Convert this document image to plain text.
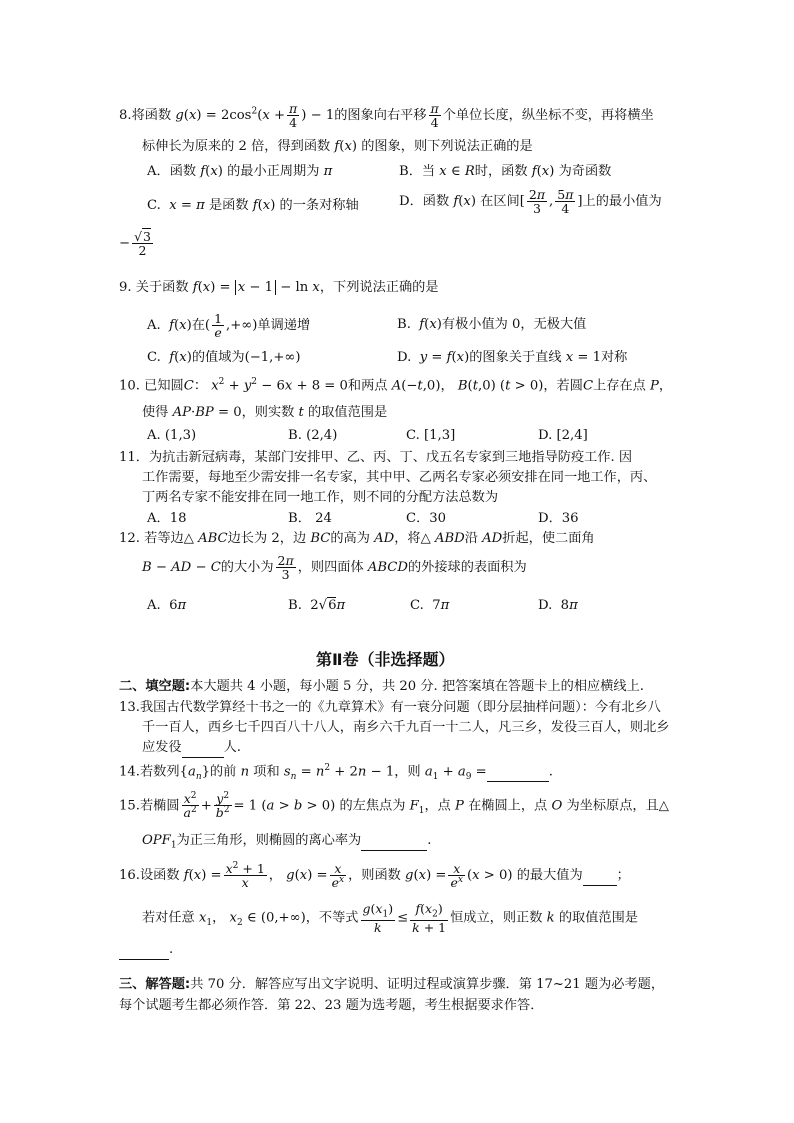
8.将函数 $g(x) = 2\cos^2(x + \frac{\pi}{4}$ ) − 1的图象向右平移 $\frac{\pi}{4}$ 个单位长度，纵坐标不变，再将横坐
标伸长为原来的 2 倍，得到函数 f(x) 的图象，则下列说法正确的是
A．函数 f(x) 的最小正周期为 π	B．当 x ∈ R时，函数 f(x) 为奇函数
C.  x = π 是函数 f(x) 的一条对称轴	D．函数 f(x) 在区间[ $\frac{2\pi}{3}$ , $\frac{5\pi}{4}$ ]上的最小值为
− $\frac{√3}{2}$
9. 关于函数 f(x) = x − 1 − ln x，下列说法正确的是
A.  f(x)在( $\frac{1}{e}$ ,+∞)单调递增	B.  f(x)有极小值为 0，无极大值
C.  f(x)的值域为(−1,+∞)	D.  y = f(x)的图象关于直线 x = 1对称
10. 已知圆C： $x^2 + y^2 - 6x + 8 = 0$和两点 A(−t,0)， B(t,0) (t > 0)，若圆C上存在点 P，
使得 AP·BP = 0，则实数 t 的取值范围是
A. (1,3)	B. (2,4)	C. [1,3]	D. [2,4]
11．为抗击新冠病毒，某部门安排甲、乙、丙、丁、戊五名专家到三地指导防疫工作. 因
工作需要，每地至少需安排一名专家，其中甲、乙两名专家必须安排在同一地工作，丙、
丁两名专家不能安排在同一地工作，则不同的分配方法总数为
A．18	B． 24	C．30	D．36
12. 若等边△ ABC边长为 2，边 BC的高为 AD，将△ ABD沿 AD折起，使二面角
B − AD − C的大小为 $\frac{2\pi}{3}$ ，则四面体 ABCD的外接球的表面积为
A.  6π	B.  2√6π	C.  7π	D.  8π
第Ⅱ卷（非选择题）
二、填空题:本大题共 4 小题，每小题 5 分，共 20 分. 把答案填在答题卡上的相应横线上.
13.我国古代数学算经十书之一的《九章算术》有一衰分问题（即分层抽样问题）：今有北乡八
千一百人，西乡七千四百八十八人，南乡六千九百一十二人，凡三乡，发役三百人，则北乡
应发役	人.
14.若数列$\{a_n\}$的前 n 项和 $s_n = n^2 + 2n - 1$，则 $a_1 + a_9$ =	.
15.若椭圆 $\frac{x^2}{a^2} + \frac{y^2}{b^2} = 1$ (a > b > 0) 的左焦点为 $F_1$，点 P 在椭圆上，点 O 为坐标原点，且△
$OPF_1$为正三角形，则椭圆的离心率为	.
16.设函数 $f(x) = \frac{x^2 + 1}{x}$ ， $g(x) = \frac{x}{e^x}$ ，则函数 $g(x) = \frac{x}{e^x} (x > 0)$ 的最大值为	；
若对任意 $x_1$， $x_2$ ∈ (0,+∞)，不等式 $\frac{g(x_1)}{k} \le \frac{f(x_2)}{k + 1}$ 恒成立，则正数 k 的取值范围是
.
三、解答题:共 70 分．解答应写出文字说明、证明过程或演算步骤．第 17~21 题为必考题，
每个试题考生都必须作答．第 22、23 题为选考题，考生根据要求作答．
